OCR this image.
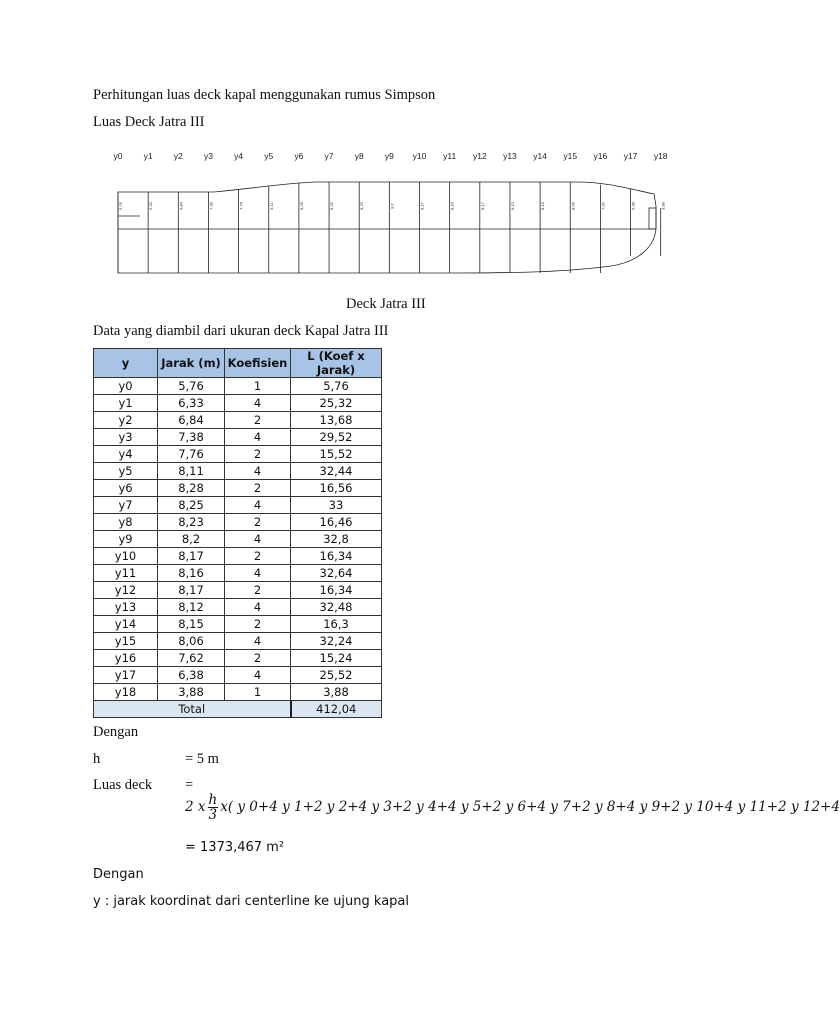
Perhitungan luas deck kapal menggunakan rumus Simpson
Luas Deck Jatra III
y0 y1 y2 y3 y4 y5 y6 y7 y8 y9 y10 y11 y12 y13 y14 y15 y16 y17 y18
5,76	6,33	6,84	7,38	7,76	8,11	8,28	8,25	8,23	8,2	8,17	8,16	8,17	8,12	8,15	8,06	7,62	6,38	3,88
Deck Jatra III
Data yang diambil dari ukuran deck Kapal Jatra III
y	Jarak (m)	Koefisien	L (Koef x Jarak)
y0	5,76	1	5,76
y1	6,33	4	25,32
y2	6,84	2	13,68
y3	7,38	4	29,52
y4	7,76	2	15,52
y5	8,11	4	32,44
y6	8,28	2	16,56
y7	8,25	4	33
y8	8,23	2	16,46
y9	8,2	4	32,8
y10	8,17	2	16,34
y11	8,16	4	32,64
y12	8,17	2	16,34
y13	8,12	4	32,48
y14	8,15	2	16,3
y15	8,06	4	32,24
y16	7,62	2	15,24
y17	6,38	4	25,52
y18	3,88	1	3,88
Total			412,04
Dengan
h	= 5 m
Luas deck =
2 x $\frac{h}{3} x$( y 0+4 y 1+2 y 2+4 y 3+2 y 4+4 y 5+2 y 6+4 y 7+2 y 8+4 y 9+2 y 10+4 y 11+2 y 12+4
= 1373,467 m²
Dengan
y : jarak koordinat dari centerline ke ujung kapal
